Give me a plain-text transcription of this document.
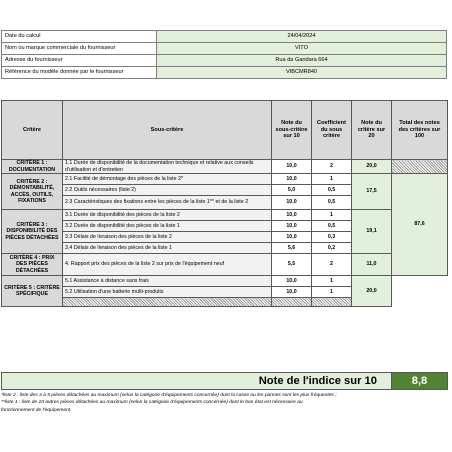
Date du calcul	24/04/2024
Nom ou marque commerciale du fournisseur	VITO
Adresse du fournisseur	Rua da Gandara 664
Référence du modèle donnée par le fournisseur	VIBCMR840
Critère	Sous-critère	Note du sous-critère sur 10	Coefficient du sous critère	Note du critère sur 20	Total des notes des critères sur 100
CRITÈRE 1 : DOCUMENTATION	1.1 Durée de disponibilité de la documentation technique et relative aux conseils d'utilisation et d'entretien	10,0	2	20,0	
CRITÈRE 2 : DÉMONTABILITÉ, ACCÈS, OUTILS, FIXATIONS	2.1 Facilité de démontage des pièces de la liste 2*	10,0	1	17,5	87,6
	2.2 Outils nécessaires (liste 2)	5,0	0,5		
	2.3 Caractéristiques des fixations entre les pièces de la liste 1** et de la liste 2	10,0	0,5		
CRITÈRE 3 : DISPONIBILITÉ DES PIÈCES DÉTACHÉES	3.1 Durée de disponibilité des pièces de la liste 2	10,0	1	19,1	
	3.2 Durée de disponibilité des pièces de la liste 1	10,0	0,5		
	3.3 Délais de livraison des pièces de la liste 2	10,0	0,3		
	3.4 Délais de livraison des pièces de la liste 1	5,6	0,2		
CRITÈRE 4 : PRIX DES PIÈCES DÉTACHÉES	4. Rapport prix des pièces de la liste 2 sur prix de l'équipement neuf	5,5	2	11,0	
CRITÈRE 5 : CRITÈRE SPÉCIFIQUE	5.1 Assistance à distance sans frais	10,0	1	20,0	
	5.2 Utilisation d'une batterie multi-produits	10,0	1		

Note de l'indice sur 10	8,8
*liste 2 : liste des 3 à 5 pièces détachées au maximum (selon la catégorie d'équipements concernée) dont la casse ou les pannes sont les plus fréquentes ;
**liste 1 : liste de 10 autres pièces détachées au maximum (selon la catégorie d'équipements concernée) dont le bon état est nécessaire au
fonctionnement de l'équipement.
